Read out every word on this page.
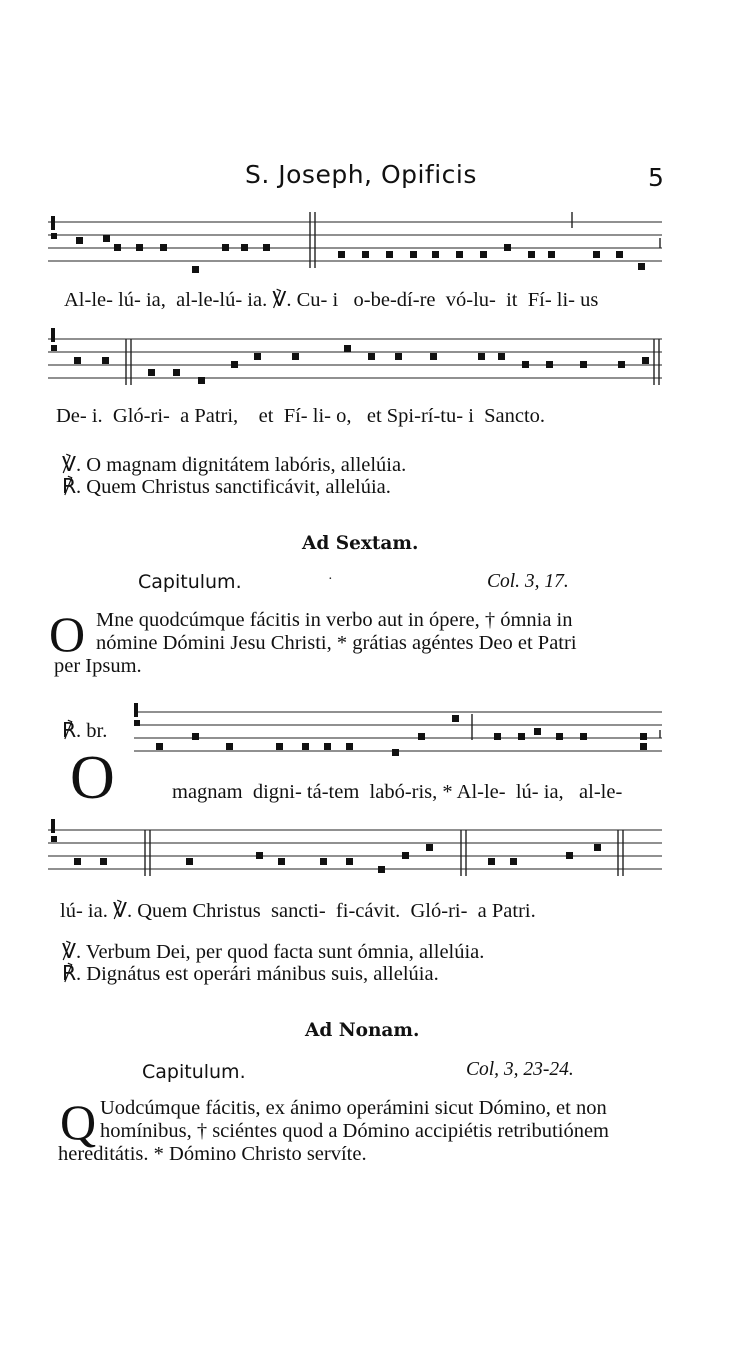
S. Joseph, Opificis	5
Al-le- lú- ia,  al-le-lú- ia. ℣. Cu- i   o-be-dí-re  vó-lu-  it  Fí- li- us
De- i.  Gló-ri-  a Patri,    et  Fí- li- o,   et Spi-rí-tu- i  Sancto.
℣. O magnam dignitátem labóris, allelúia.
℟. Quem Christus sanctificávit, allelúia.
Ad Sextam.
Capitulum.	·	Col. 3, 17.
O Mne quodcúmque fácitis in verbo aut in ópere, † ómnia in
nómine Dómini Jesu Christi, * grátias agéntes Deo et Patri
per Ipsum.
℟. br.
O	magnam  digni- tá-tem  labó-ris, * Al-le-  lú- ia,   al-le-
lú- ia. ℣. Quem Christus  sancti-  fi-cávit.  Gló-ri-  a Patri.
℣. Verbum Dei, per quod facta sunt ómnia, allelúia.
℟. Dignátus est operári mánibus suis, allelúia.
Ad Nonam.
Capitulum.	Col, 3, 23-24.
Q Uodcúmque fácitis, ex ánimo operámini sicut Dómino, et non
homínibus, † sciéntes quod a Dómino accipiétis retributiónem
hereditátis. * Dómino Christo servíte.
